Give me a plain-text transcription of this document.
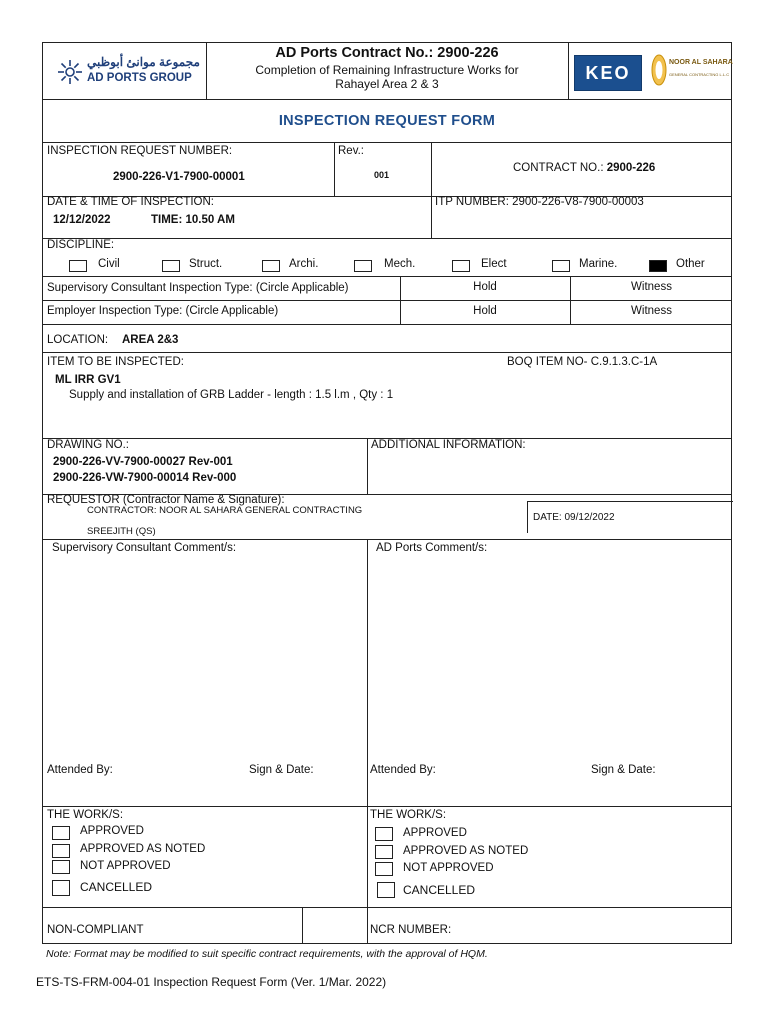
مجموعة موانئ أبوظبي
AD PORTS GROUP
AD Ports Contract No.: 2900-226
Completion of Remaining Infrastructure Works for
Rahayel Area 2 & 3
KEO
NOOR AL SAHARA
GENERAL CONTRACTING L.L.C
INSPECTION REQUEST FORM
INSPECTION REQUEST NUMBER:
2900-226-V1-7900-00001
Rev.:
001
CONTRACT NO.: 2900-226
DATE & TIME OF INSPECTION:
12/12/2022	TIME: 10.50 AM
ITP NUMBER: 2900-226-V8-7900-00003
DISCIPLINE:
Civil	Struct.	Archi.	Mech.	Elect	Marine.	Other
Supervisory Consultant Inspection Type: (Circle Applicable)	Hold	Witness
Employer Inspection Type: (Circle Applicable)	Hold	Witness
LOCATION: AREA 2&3
ITEM TO BE INSPECTED:	BOQ ITEM NO- C.9.1.3.C-1A
ML IRR GV1
Supply and installation of GRB Ladder - length : 1.5 l.m , Qty : 1
DRAWING NO.:
2900-226-VV-7900-00027 Rev-001
2900-226-VW-7900-00014 Rev-000
ADDITIONAL INFORMATION:
REQUESTOR (Contractor Name & Signature):
CONTRACTOR: NOOR AL SAHARA GENERAL CONTRACTING
SREEJITH (QS)
DATE: 09/12/2022
Supervisory Consultant Comment/s:	AD Ports Comment/s:
Attended By:	Sign & Date:	Attended By:	Sign & Date:
THE WORK/S:
APPROVED
APPROVED AS NOTED
NOT APPROVED
CANCELLED
THE WORK/S:
APPROVED
APPROVED AS NOTED
NOT APPROVED
CANCELLED
NON-COMPLIANT	NCR NUMBER:
Note: Format may be modified to suit specific contract requirements, with the approval of HQM.
ETS-TS-FRM-004-01 Inspection Request Form (Ver. 1/Mar. 2022)
